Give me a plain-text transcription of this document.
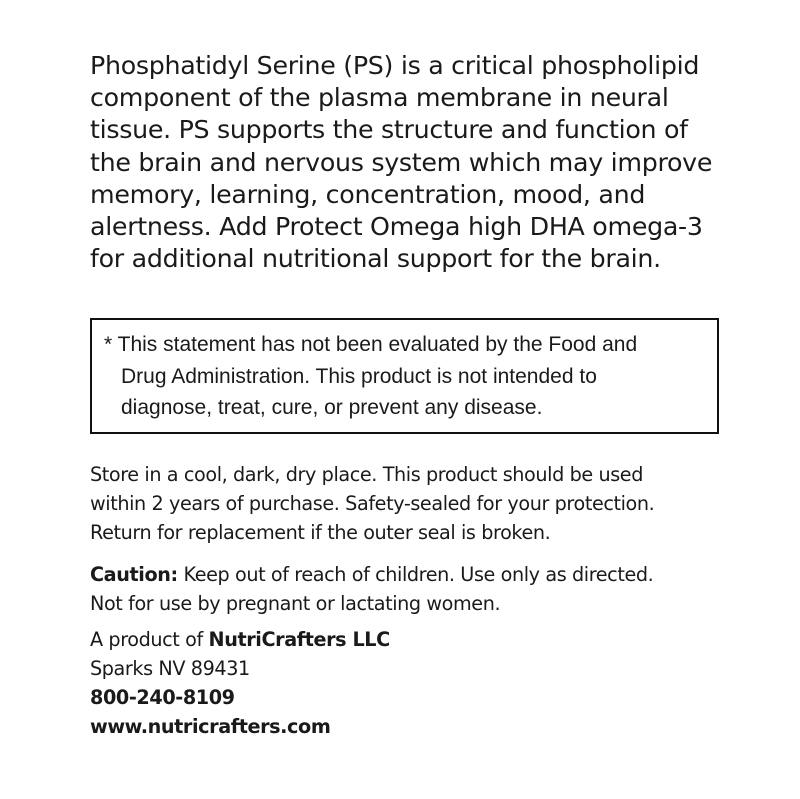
Phosphatidyl Serine (PS) is a critical phospholipid
component of the plasma membrane in neural
tissue. PS supports the structure and function of
the brain and nervous system which may improve
memory, learning, concentration, mood, and
alertness. Add Protect Omega high DHA omega-3
for additional nutritional support for the brain.
* This statement has not been evaluated by the Food and
Drug Administration. This product is not intended to
diagnose, treat, cure, or prevent any disease.
Store in a cool, dark, dry place. This product should be used
within 2 years of purchase. Safety-sealed for your protection.
Return for replacement if the outer seal is broken.
Caution: Keep out of reach of children. Use only as directed.
Not for use by pregnant or lactating women.
A product of NutriCrafters LLC
Sparks NV 89431
800-240-8109
www.nutricrafters.com
